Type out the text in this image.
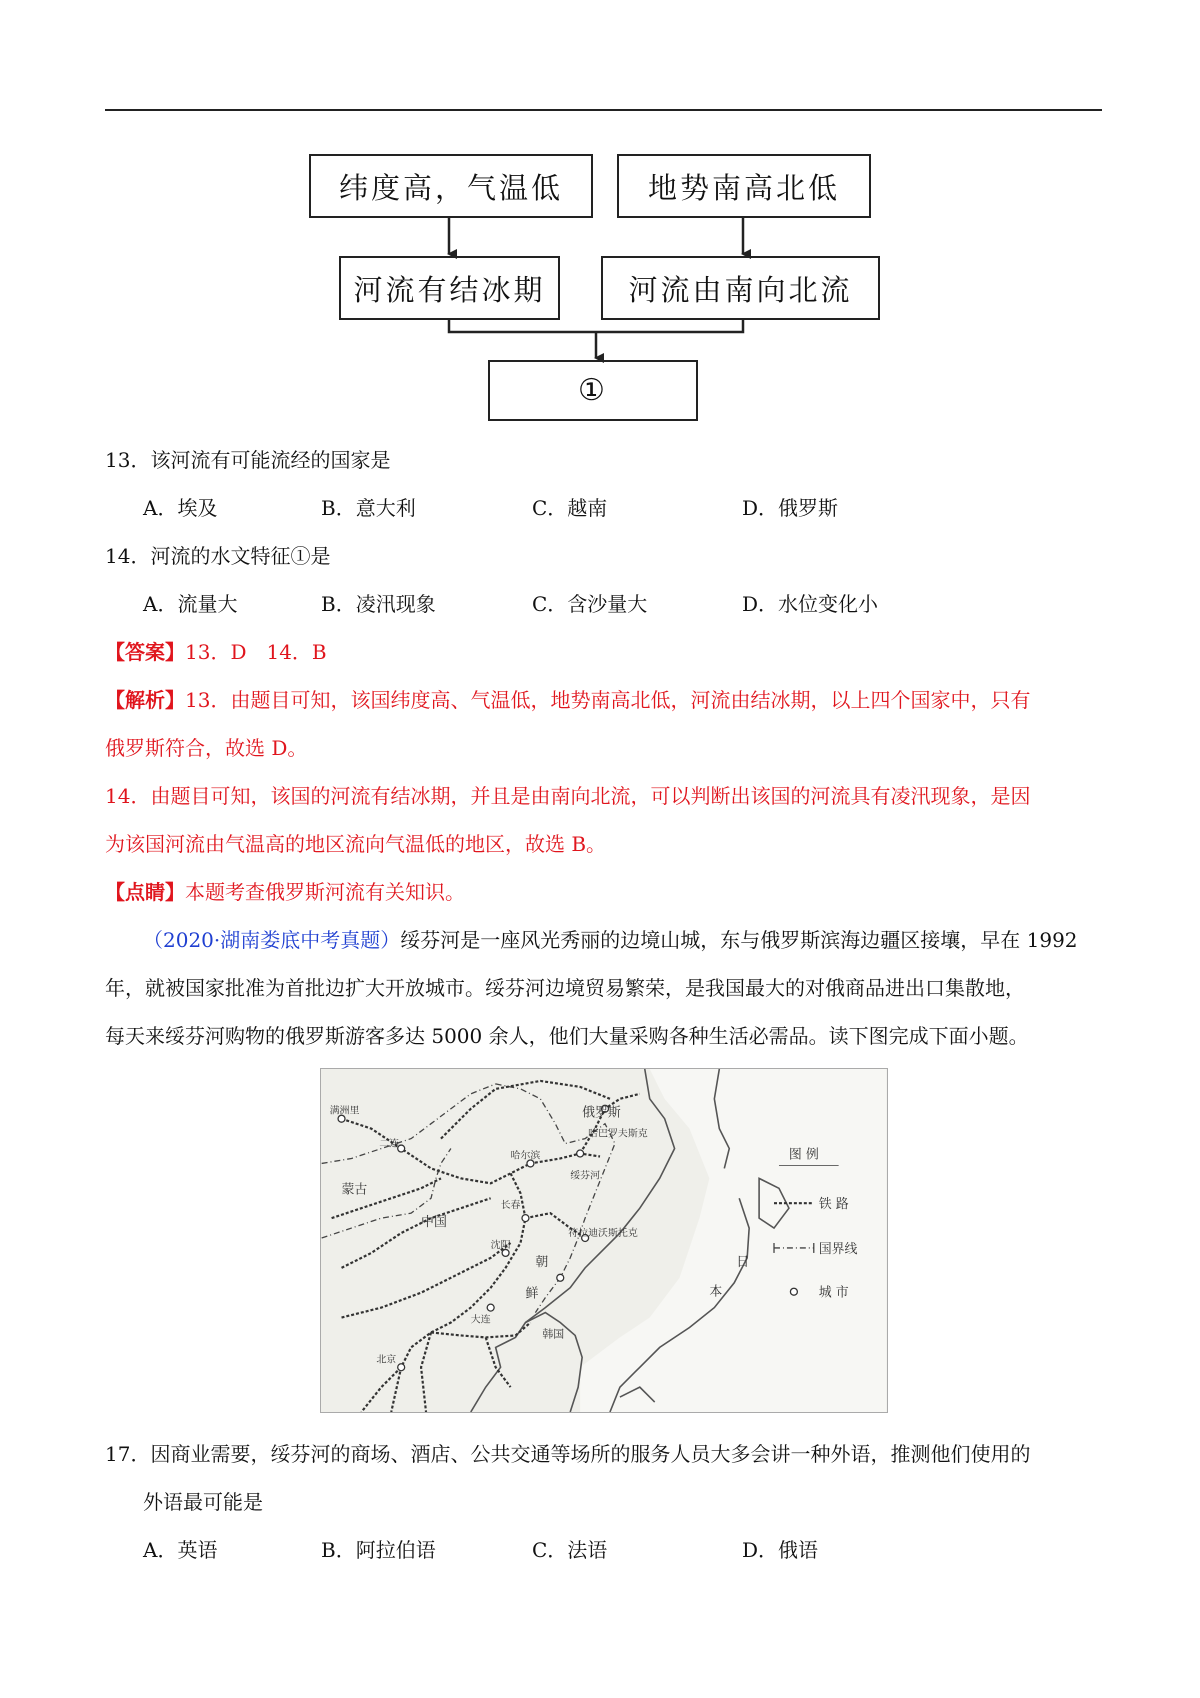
纬度高，气温低	地势南高北低
河流有结冰期	河流由南向北流
①
13．该河流有可能流经的国家是
A．埃及	B．意大利	C．越南	D．俄罗斯
14．河流的水文特征①是
A．流量大	B．凌汛现象	C．含沙量大	D．水位变化小
【答案】13．D　14．B
【解析】13．由题目可知，该国纬度高、气温低，地势南高北低，河流由结冰期，以上四个国家中，只有
俄罗斯符合，故选 D。
14．由题目可知，该国的河流有结冰期，并且是由南向北流，可以判断出该国的河流具有凌汛现象，是因
为该国河流由气温高的地区流向气温低的地区，故选 B。
【点睛】本题考查俄罗斯河流有关知识。
（2020·湖南娄底中考真题）绥芬河是一座风光秀丽的边境山城，东与俄罗斯滨海边疆区接壤，早在 1992
年，就被国家批准为首批边扩大开放城市。绥芬河边境贸易繁荣，是我国最大的对俄商品进出口集散地，
每天来绥芬河购物的俄罗斯游客多达 5000 余人，他们大量采购各种生活必需品。读下图完成下面小题。
俄罗斯
哈巴罗夫斯克
绥芬河
哈尔滨
蒙古
中国
长春
符拉迪沃斯托克
沈阳
朝
鲜
韩国
日
本
北京
大连
满洲里
二连
图 例
铁 路
国界线
城 市
17．因商业需要，绥芬河的商场、酒店、公共交通等场所的服务人员大多会讲一种外语，推测他们使用的
外语最可能是
A．英语	B．阿拉伯语	C．法语	D．俄语
